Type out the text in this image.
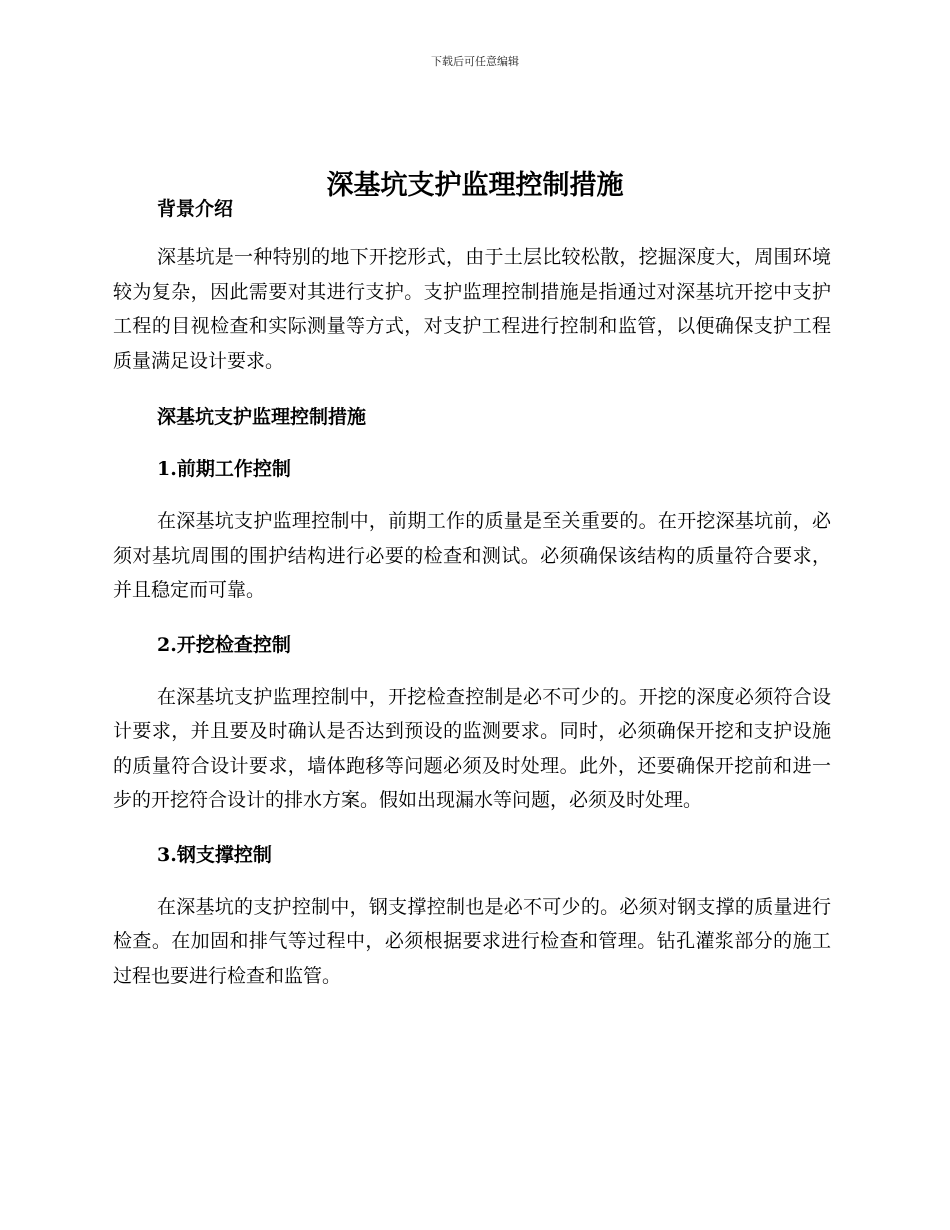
下载后可任意编辑
深基坑支护监理控制措施
背景介绍

深基坑是一种特别的地下开挖形式，由于土层比较松散，挖掘深度大，周围环境较为复杂，因此需要对其进行支护。支护监理控制措施是指通过对深基坑开挖中支护工程的目视检查和实际测量等方式，对支护工程进行控制和监管，以便确保支护工程质量满足设计要求。

深基坑支护监理控制措施
1.前期工作控制

在深基坑支护监理控制中，前期工作的质量是至关重要的。在开挖深基坑前，必须对基坑周围的围护结构进行必要的检查和测试。必须确保该结构的质量符合要求，并且稳定而可靠。

2.开挖检查控制

在深基坑支护监理控制中，开挖检查控制是必不可少的。开挖的深度必须符合设计要求，并且要及时确认是否达到预设的监测要求。同时，必须确保开挖和支护设施的质量符合设计要求，墙体跑移等问题必须及时处理。此外，还要确保开挖前和进一步的开挖符合设计的排水方案。假如出现漏水等问题，必须及时处理。

3.钢支撑控制

在深基坑的支护控制中，钢支撑控制也是必不可少的。必须对钢支撑的质量进行检查。在加固和排气等过程中，必须根据要求进行检查和管理。钻孔灌浆部分的施工过程也要进行检查和监管。
